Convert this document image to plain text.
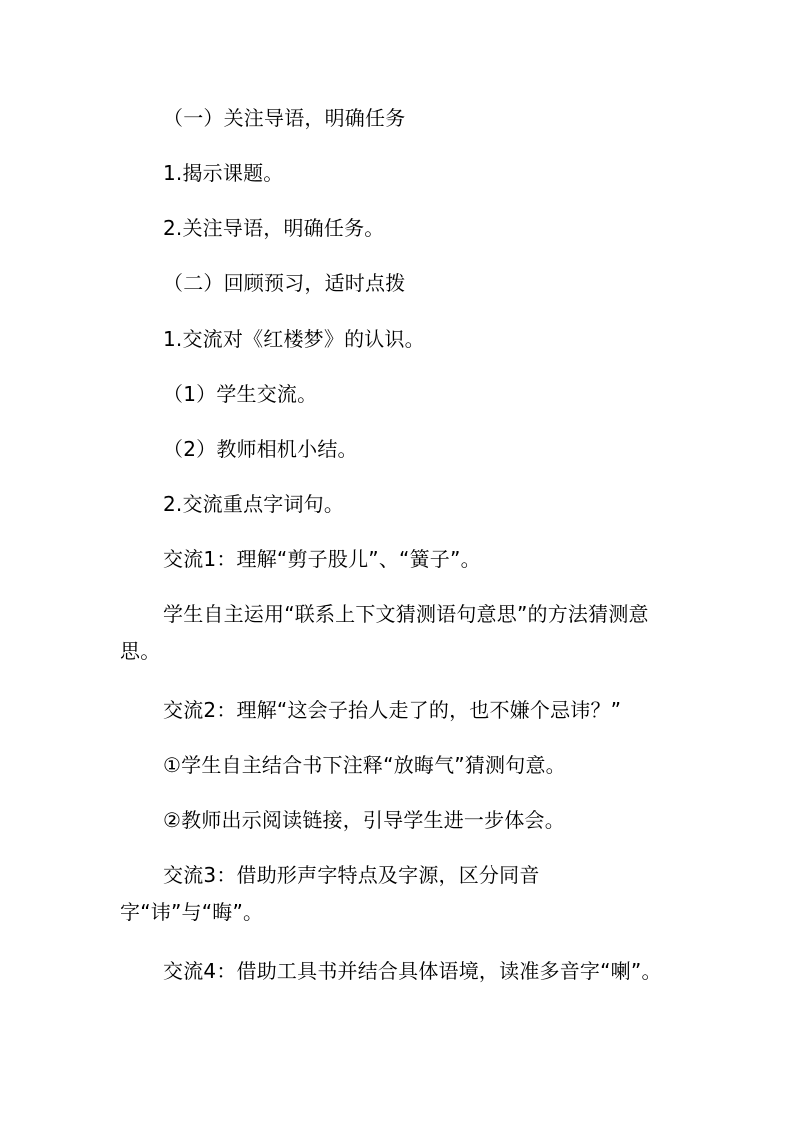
（一）关注导语，明确任务

1.揭示课题。

2.关注导语，明确任务。

（二）回顾预习，适时点拨

1.交流对《红楼梦》的认识。

（1）学生交流。

（2）教师相机小结。

2.交流重点字词句。

交流1：理解“剪子股儿”、“簧子”。

学生自主运用“联系上下文猜测语句意思”的方法猜测意思。

交流2：理解“这会子抬人走了的，也不嫌个忌讳？”

①学生自主结合书下注释“放晦气”猜测句意。

②教师出示阅读链接，引导学生进一步体会。

交流3：借助形声字特点及字源，区分同音字“讳”与“晦”。

交流4：借助工具书并结合具体语境，读准多音字“喇”。
